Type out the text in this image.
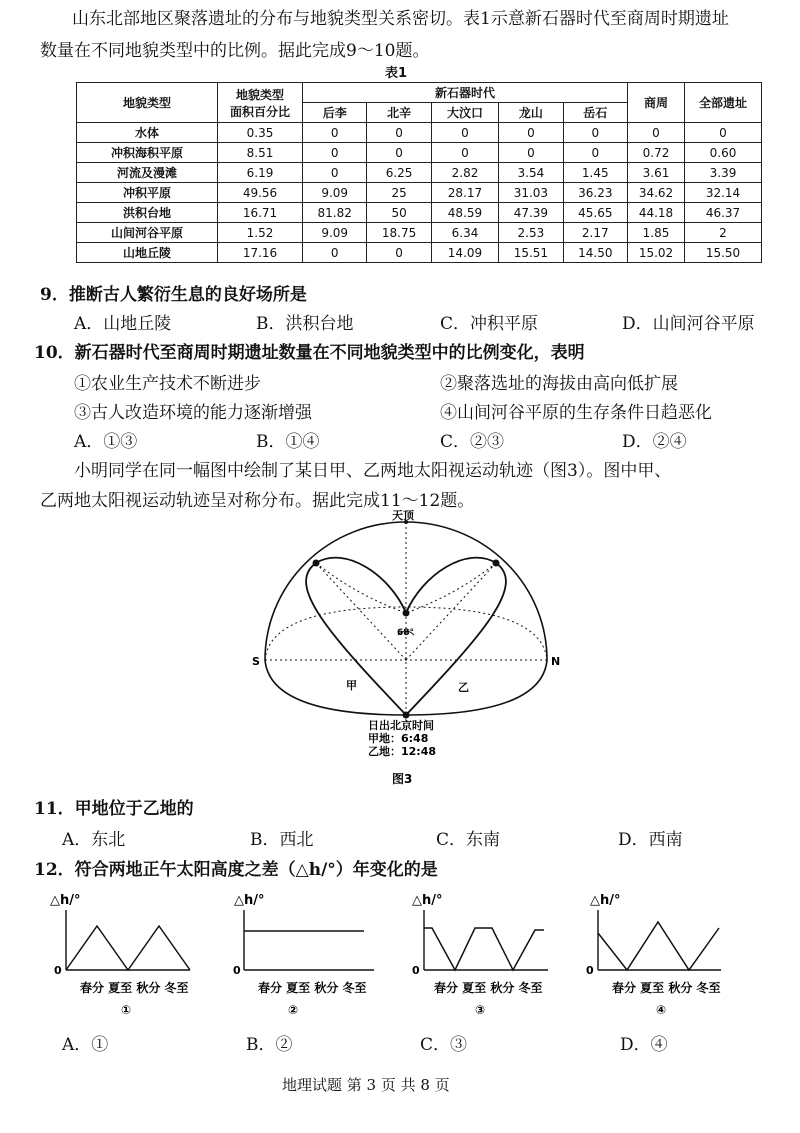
山东北部地区聚落遗址的分布与地貌类型关系密切。表1示意新石器时代至商周时期遗址
数量在不同地貌类型中的比例。据此完成9～10题。
表1
地貌类型	地貌类型
面积百分比	新石器时代					商周	全部遗址
		后李	北辛	大汶口	龙山	岳石		
水体	0.35	0	0	0	0	0	0	0
冲积海积平原	8.51	0	0	0	0	0	0.72	0.60
河流及漫滩	6.19	0	6.25	2.82	3.54	1.45	3.61	3.39
冲积平原	49.56	9.09	25	28.17	31.03	36.23	34.62	32.14
洪积台地	16.71	81.82	50	48.59	47.39	45.65	44.18	46.37
山间河谷平原	1.52	9.09	18.75	6.34	2.53	2.17	1.85	2
山地丘陵	17.16	0	0	14.09	15.51	14.50	15.02	15.50
9．推断古人繁衍生息的良好场所是
A．山地丘陵	B．洪积台地	C．冲积平原	D．山间河谷平原
10．新石器时代至商周时期遗址数量在不同地貌类型中的比例变化，表明
①农业生产技术不断进步	②聚落选址的海拔由高向低扩展
③古人改造环境的能力逐渐增强	④山间河谷平原的生存条件日趋恶化
A．①③	B．①④	C．②③	D．②④
小明同学在同一幅图中绘制了某日甲、乙两地太阳视运动轨迹（图3）。图中甲、
乙两地太阳视运动轨迹呈对称分布。据此完成11～12题。
天顶
S	N
甲	乙
68°
日出北京时间
甲地：6:48
乙地：12:48
图3
11．甲地位于乙地的
A．东北	B．西北	C．东南	D．西南
12．符合两地正午太阳高度之差（△h/°）年变化的是
△h/°
0
春分 夏至 秋分 冬至
①
△h/°
0
春分 夏至 秋分 冬至
②
△h/°
0
春分 夏至 秋分 冬至
③
△h/°
0
春分 夏至 秋分 冬至
④
A．①	B．②	C．③	D．④
地理试题 第 3 页 共 8 页
